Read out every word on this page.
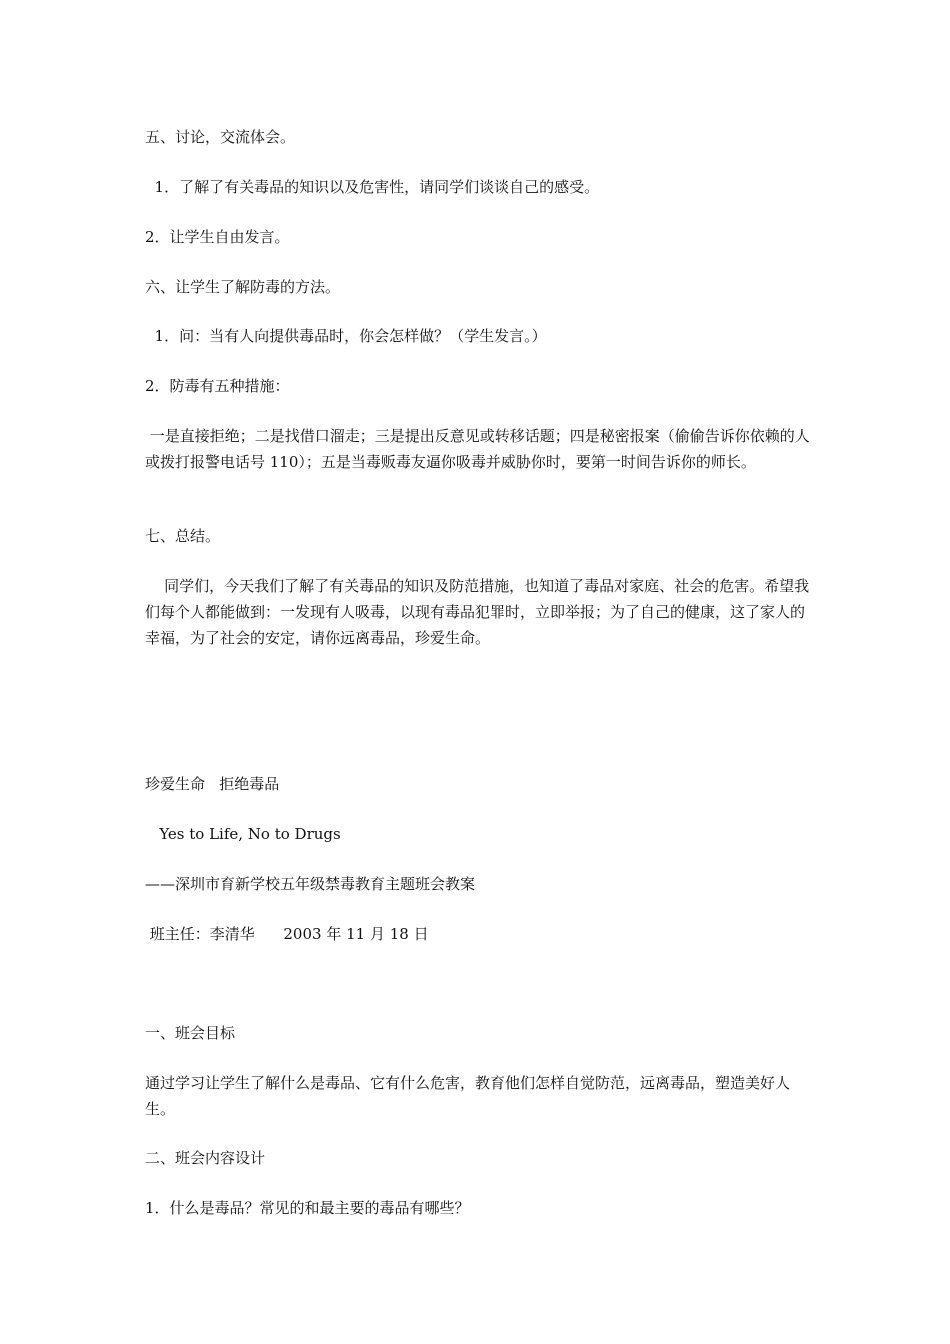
五、讨论，交流体会。

1．了解了有关毒品的知识以及危害性，请同学们谈谈自己的感受。

2．让学生自由发言。

六、让学生了解防毒的方法。

1．问：当有人向提供毒品时，你会怎样做？（学生发言。）

2．防毒有五种措施：

一是直接拒绝；二是找借口溜走；三是提出反意见或转移话题；四是秘密报案（偷偷告诉你依赖的人或拨打报警电话号 110）；五是当毒贩毒友逼你吸毒并威胁你时，要第一时间告诉你的师长。

七、总结。

同学们，今天我们了解了有关毒品的知识及防范措施，也知道了毒品对家庭、社会的危害。希望我们每个人都能做到：一发现有人吸毒，以现有毒品犯罪时，立即举报；为了自己的健康，这了家人的幸福，为了社会的安定，请你远离毒品，珍爱生命。

珍爱生命   拒绝毒品

Yes to Life, No to Drugs

——深圳市育新学校五年级禁毒教育主题班会教案

班主任：李清华      2003 年 11 月 18 日

一、班会目标

通过学习让学生了解什么是毒品、它有什么危害，教育他们怎样自觉防范，远离毒品，塑造美好人生。

二、班会内容设计

1．什么是毒品？常见的和最主要的毒品有哪些？
